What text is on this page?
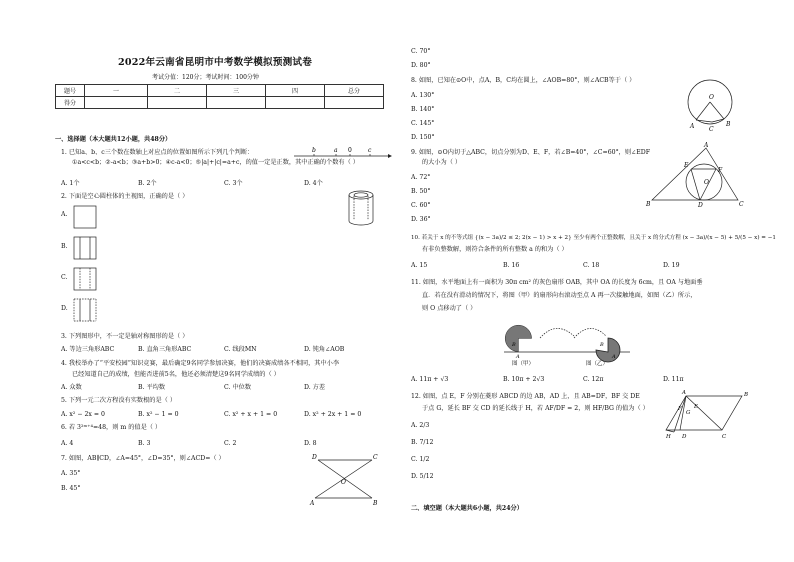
2022年云南省昆明市中考数学模拟预测试卷
考试分值：120分；考试时间：100分钟
题号	一	二	三	四	总分
得分					
一、选择题（本大题共12小题，共48分）
1. 已知a、b、c三个数在数轴上对应点的位置如图所示下列几个判断：
①a<c<b；②-a<b；③a+b>0；④c-a<0；⑤|a|+|c|=a+c，的值一定是正数，其中正确的个数有（ ）
b	a 0	c
A. 1个	B. 2个	C. 3个	D. 4个
2. 下面是空心圆柱体的主视图，正确的是（ ）
A.
B.
C.
D.
3. 下列图形中，不一定是轴对称图形的是（ ）
A. 等边三角形ABC	B. 直角三角形ABC	C. 线段MN	D. 钝角∠AOB
4. 我校举办了“平安校园”知识竞赛，最后确定9名同学参加决赛，他们的决赛成绩各不相同，其中小李
已经知道自己的成绩，但能否进前5名，他还必须清楚这9名同学成绩的（ ）
A. 众数	B. 平均数	C. 中位数	D. 方差
5. 下列一元二次方程没有实数根的是（ ）
A. x² − 2x = 0	B. x² − 1 = 0	C. x² + x + 1 = 0	D. x² + 2x + 1 = 0
6. 若 3²ᵐ⁺⁴=48，则 m 的值是（ ）
A. 4	B. 3	C. 2	D. 8
7. 如图，AB∥CD，∠A=45°，∠D=35°，则∠ACD=（ ）
A. 35°
B. 45°
D	C
O
A	B
C. 70°
D. 80°
8. 如图，已知在⊙O中，点A，B，C均在圆上，∠AOB=80°，则∠ACB等于（ ）
A. 130°
B. 140°
C. 145°
D. 150°
O
A C
B
9. 如图，⊙O内切于△ABC，切点分别为D、E、F，若∠B=40°，∠C=60°，则∠EDF
的大小为（ ）
A. 72°
B. 50°
C. 60°
D. 36°
A
E
F
O
B	D	C
10. 若关于 x 的不等式组 {(x − 3a)/2 ≤ 2; 2(x − 1) > x + 2} 至少有两个正整数解，且关于 x 的分式方程 (x − 3a)/(x − 5) + 5/(5 − x) = −1
有非负整数解，则符合条件的所有整数 a 的和为（ ）
A. 15	B. 16	C. 18	D. 19
11. 如图，水平地面上有一面积为 30π cm² 的灰色扇形 OAB，其中 OA 的长度为 6cm，且 OA 与地面垂
直．若在没有滑动的情况下，将图（甲）的扇形向右滚动至点 A 再一次接触地面，如图（乙）所示，
则 O 点移动了（ ）
B
A
B
A
图（甲）	图（乙）
A. 11π + √3	B. 10π + 2√3	C. 12π	D. 11π
12. 如图，点 E，F 分别在菱形 ABCD 的边 AB，AD 上，且 AB=DF，BF 交 DE
于点 G，延长 BF 交 CD 的延长线于 H，若 AF/DF = 2，则 HF/BG 的值为（ ）
A. 2/3
B. 7/12
C. 1/2
D. 5/12
H
F
G
E
A	B
D	C
二、填空题（本大题共6小题，共24分）
